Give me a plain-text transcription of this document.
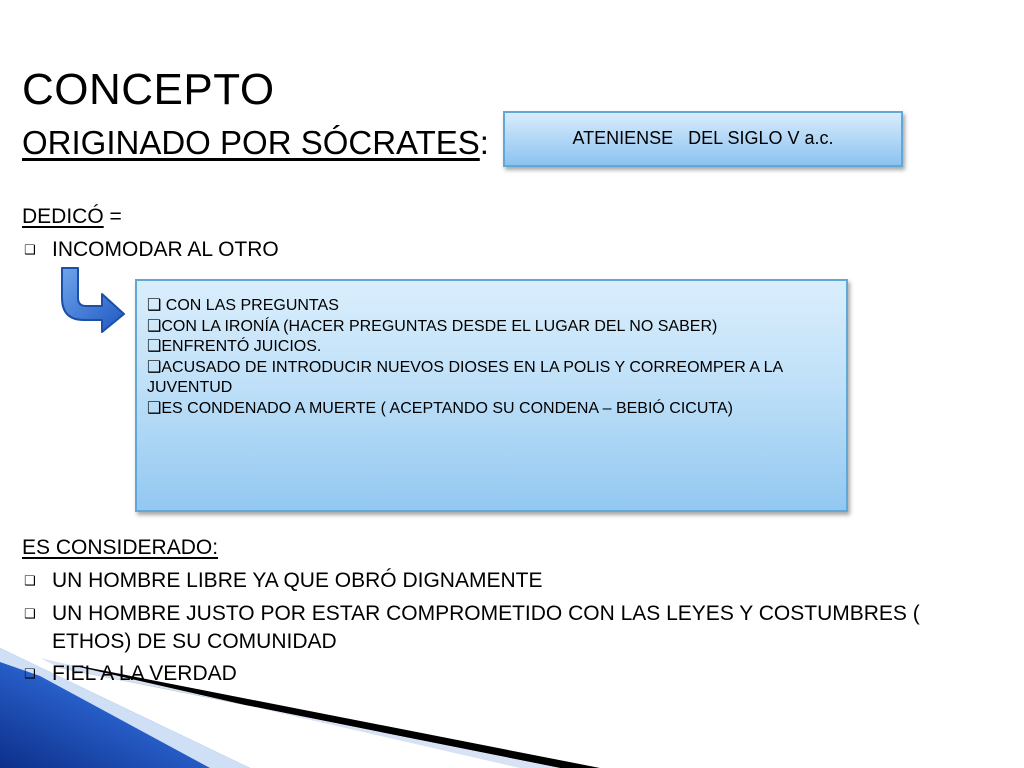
CONCEPTO
ORIGINADO POR SÓCRATES:	ATENIENSE   DEL SIGLO V a.c.
DEDICÓ =
❑ INCOMODAR AL OTRO

❑ CON LAS PREGUNTAS

❑CON LA IRONÍA (HACER PREGUNTAS DESDE EL LUGAR DEL NO SABER)

❑ENFRENTÓ JUICIOS.

❑ACUSADO DE INTRODUCIR NUEVOS DIOSES EN LA POLIS Y CORREOMPER A LA JUVENTUD

❑ES CONDENADO A MUERTE ( ACEPTANDO SU CONDENA – BEBIÓ CICUTA)

ES CONSIDERADO:
❑ UN HOMBRE LIBRE YA QUE OBRÓ DIGNAMENTE
❑ UN HOMBRE JUSTO POR ESTAR COMPROMETIDO CON LAS LEYES Y COSTUMBRES ( ETHOS) DE SU COMUNIDAD
❑ FIEL A LA VERDAD
